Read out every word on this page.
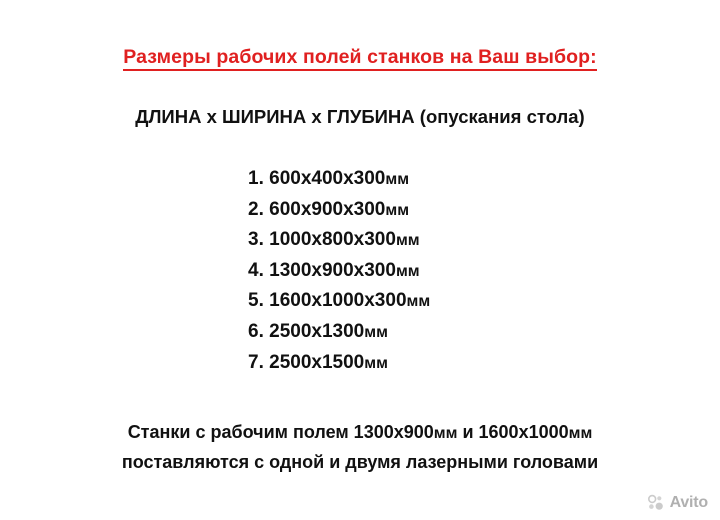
Размеры рабочих полей станков на Ваш выбор:
ДЛИНА х ШИРИНА х ГЛУБИНА (опускания стола)
1. 600х400х300мм
2. 600х900х300мм
3. 1000х800х300мм
4. 1300х900х300мм
5. 1600х1000х300мм
6. 2500х1300мм
7. 2500х1500мм
Станки с рабочим полем 1300х900мм и 1600х1000мм
поставляются с одной и двумя лазерными головами
Avito
